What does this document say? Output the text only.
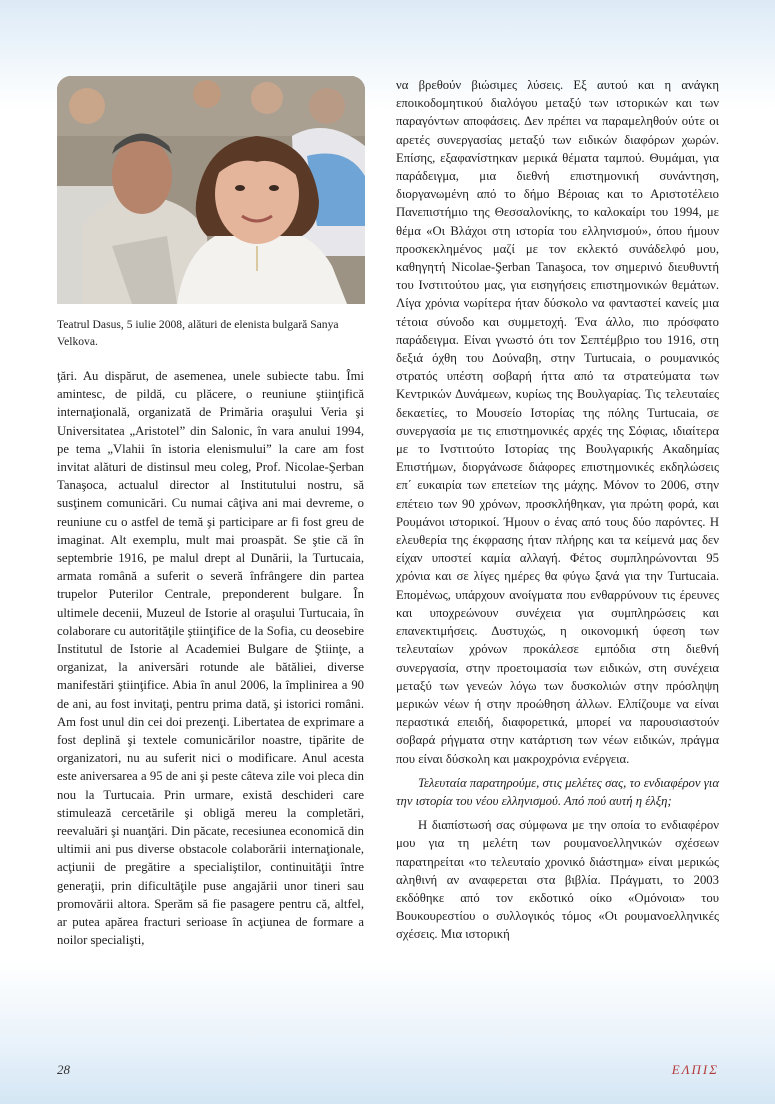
Teatrul Dasus, 5 iulie 2008, alături de elenista bulgară Sanya Velkova.

ţări. Au dispărut, de asemenea, unele subiecte tabu. Îmi amintesc, de pildă, cu plăcere, o reuniune ştiinţifică internaţională, organizată de Primăria oraşului Veria şi Universitatea „Aristotel” din Salonic, în vara anului 1994, pe tema „Vlahii în istoria elenismului” la care am fost invitat alături de distinsul meu coleg, Prof. Nicolae-Şerban Tanaşoca, actualul director al Institutului nostru, să susţinem comunicări. Cu numai câţiva ani mai devreme, o reuniune cu o astfel de temă şi participare ar fi fost greu de imaginat. Alt exemplu, mult mai proaspăt. Se ştie că în septembrie 1916, pe malul drept al Dunării, la Turtucaia, armata română a suferit o severă înfrângere din partea trupelor Puterilor Centrale, preponderent bulgare. În ultimele decenii, Muzeul de Istorie al oraşului Turtucaia, în colaborare cu autorităţile ştiinţifice de la Sofia, cu deosebire Institutul de Istorie al Academiei Bulgare de Ştiinţe, a organizat, la aniversări rotunde ale bătăliei, diverse manifestări ştiinţifice. Abia în anul 2006, la împlinirea a 90 de ani, au fost invitaţi, pentru prima dată, şi istorici români. Am fost unul din cei doi prezenţi. Libertatea de exprimare a fost deplină şi textele comunicărilor noastre, tipărite de organizatori, nu au suferit nici o modificare. Anul acesta este aniversarea a 95 de ani şi peste câteva zile voi pleca din nou la Turtucaia. Prin urmare, există deschideri care stimulează cercetările şi obligă mereu la completări, reevaluări şi nuanţări. Din păcate, recesiunea economică din ultimii ani pus diverse obstacole colaborării internaţionale, acţiunii de pregătire a specialiştilor, continuităţii între generaţii, prin dificultăţile puse angajării unor tineri sau promovării altora. Sperăm să fie pasagere pentru că, altfel, ar putea apărea fracturi serioase în acţiunea de formare a noilor specialişti,

να βρεθούν βιώσιμες λύσεις. Εξ αυτού και η ανάγκη εποικοδομητικού διαλόγου μεταξύ των ιστορικών και των παραγόντων αποφάσεις. Δεν πρέπει να παραμεληθούν ούτε οι αρετές συνεργασίας μεταξύ των ειδικών διαφόρων χωρών. Επίσης, εξαφανίστηκαν μερικά θέματα ταμπού. Θυμάμαι, για παράδειγμα, μια διεθνή επιστημονική συνάντηση, διοργανωμένη από το δήμο Βέροιας και το Αριστοτέλειο Πανεπιστήμιο της Θεσσαλονίκης, το καλοκαίρι του 1994, με θέμα «Οι Βλάχοι στη ιστορία του ελληνισμού», όπου ήμουν προσκεκλημένος μαζί με τον εκλεκτό συνάδελφό μου, καθηγητή Nicolae-Şerban Tanaşoca, τον σημερινό διευθυντή του Ινστιτούτου μας, για εισηγήσεις επιστημονικών θεμάτων. Λίγα χρόνια νωρίτερα ήταν δύσκολο να φανταστεί κανείς μια τέτοια σύνοδο και συμμετοχή. Ένα άλλο, πιο πρόσφατο παράδειγμα. Είναι γνωστό ότι τον Σεπτέμβριο του 1916, στη δεξιά όχθη του Δούναβη, στην Turtucaia, ο ρουμανικός στρατός υπέστη σοβαρή ήττα από τα στρατεύματα των Κεντρικών Δυνάμεων, κυρίως της Βουλγαρίας. Τις τελευταίες δεκαετίες, το Μουσείο Ιστορίας της πόλης Turtucaia, σε συνεργασία με τις επιστημονικές αρχές της Σόφιας, ιδιαίτερα με το Ινστιτούτο Ιστορίας της Βουλγαρικής Ακαδημίας Επιστήμων, διοργάνωσε διάφορες επιστημονικές εκδηλώσεις επ΄ ευκαιρία των επετείων της μάχης. Μόνον το 2006, στην επέτειο των 90 χρόνων, προσκλήθηκαν, για πρώτη φορά, και Ρουμάνοι ιστορικοί. Ήμουν ο ένας από τους δύο παρόντες. Η ελευθερία της έκφρασης ήταν πλήρης και τα κείμενά μας δεν είχαν υποστεί καμία αλλαγή. Φέτος συμπληρώνονται 95 χρόνια και σε λίγες ημέρες θα φύγω ξανά για την Turtucaia. Επομένως, υπάρχουν ανοίγματα που ενθαρρύνουν τις έρευνες και υποχρεώνουν συνέχεια για συμπληρώσεις και επανεκτιμήσεις. Δυστυχώς, η οικονομική ύφεση των τελευταίων χρόνων προκάλεσε εμπόδια στη διεθνή συνεργασία, στην προετοιμασία των ειδικών, στη συνέχεια μεταξύ των γενεών λόγω των δυσκολιών στην πρόσληψη μερικών νέων ή στην προώθηση άλλων. Ελπίζουμε να είναι περαστικά επειδή, διαφορετικά, μπορεί να παρουσιαστούν σοβαρά ρήγματα στην κατάρτιση των νέων ειδικών, πράγμα που είναι δύσκολη και μακροχρόνια ενέργεια.

Τελευταία παρατηρούμε, στις μελέτες σας, το ενδιαφέρον για την ιστορία του νέου ελληνισμού. Από πού αυτή η έλξη;

Η διαπίστωσή σας σύμφωνα με την οποία το ενδιαφέρον μου για τη μελέτη των ρουμανοελληνικών σχέσεων παρατηρείται «το τελευταίο χρονικό διάστημα» είναι μερικώς αληθινή αν αναφερεται στα βιβλία. Πράγματι, το 2003 εκδόθηκε από τον εκδοτικό οίκο «Ομόνοια» του Βουκουρεστίου ο συλλογικός τόμος «Οι ρουμανοελληνικές σχέσεις. Μια ιστορική

28	ΕΛΠΙΣ
